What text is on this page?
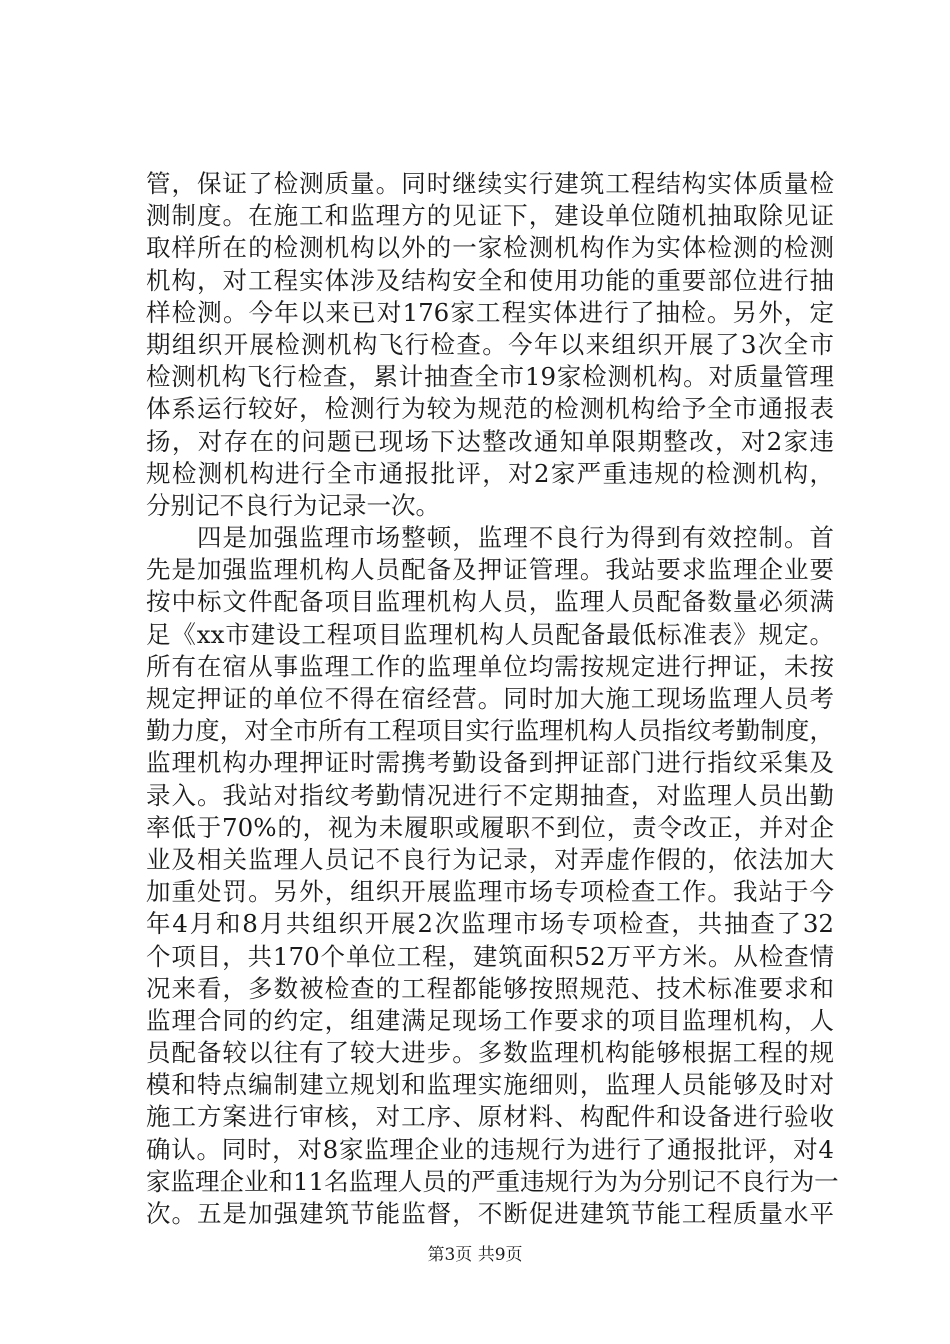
管，保证了检测质量。同时继续实行建筑工程结构实体质量检
测制度。在施工和监理方的见证下，建设单位随机抽取除见证
取样所在的检测机构以外的一家检测机构作为实体检测的检测
机构，对工程实体涉及结构安全和使用功能的重要部位进行抽
样检测。今年以来已对176家工程实体进行了抽检。另外，定
期组织开展检测机构飞行检查。今年以来组织开展了3次全市
检测机构飞行检查，累计抽查全市19家检测机构。对质量管理
体系运行较好，检测行为较为规范的检测机构给予全市通报表
扬，对存在的问题已现场下达整改通知单限期整改，对2家违
规检测机构进行全市通报批评，对2家严重违规的检测机构，
分别记不良行为记录一次。
　　四是加强监理市场整顿，监理不良行为得到有效控制。首
先是加强监理机构人员配备及押证管理。我站要求监理企业要
按中标文件配备项目监理机构人员，监理人员配备数量必须满
足《xx市建设工程项目监理机构人员配备最低标准表》规定。
所有在宿从事监理工作的监理单位均需按规定进行押证，未按
规定押证的单位不得在宿经营。同时加大施工现场监理人员考
勤力度，对全市所有工程项目实行监理机构人员指纹考勤制度，
监理机构办理押证时需携考勤设备到押证部门进行指纹采集及
录入。我站对指纹考勤情况进行不定期抽查，对监理人员出勤
率低于70%的，视为未履职或履职不到位，责令改正，并对企
业及相关监理人员记不良行为记录，对弄虚作假的，依法加大
加重处罚。另外，组织开展监理市场专项检查工作。我站于今
年4月和8月共组织开展2次监理市场专项检查，共抽查了32
个项目，共170个单位工程，建筑面积52万平方米。从检查情
况来看，多数被检查的工程都能够按照规范、技术标准要求和
监理合同的约定，组建满足现场工作要求的项目监理机构，人
员配备较以往有了较大进步。多数监理机构能够根据工程的规
模和特点编制建立规划和监理实施细则，监理人员能够及时对
施工方案进行审核，对工序、原材料、构配件和设备进行验收
确认。同时，对8家监理企业的违规行为进行了通报批评，对4
家监理企业和11名监理人员的严重违规行为为分别记不良行为一
次。五是加强建筑节能监督，不断促进建筑节能工程质量水平
第3页 共9页
